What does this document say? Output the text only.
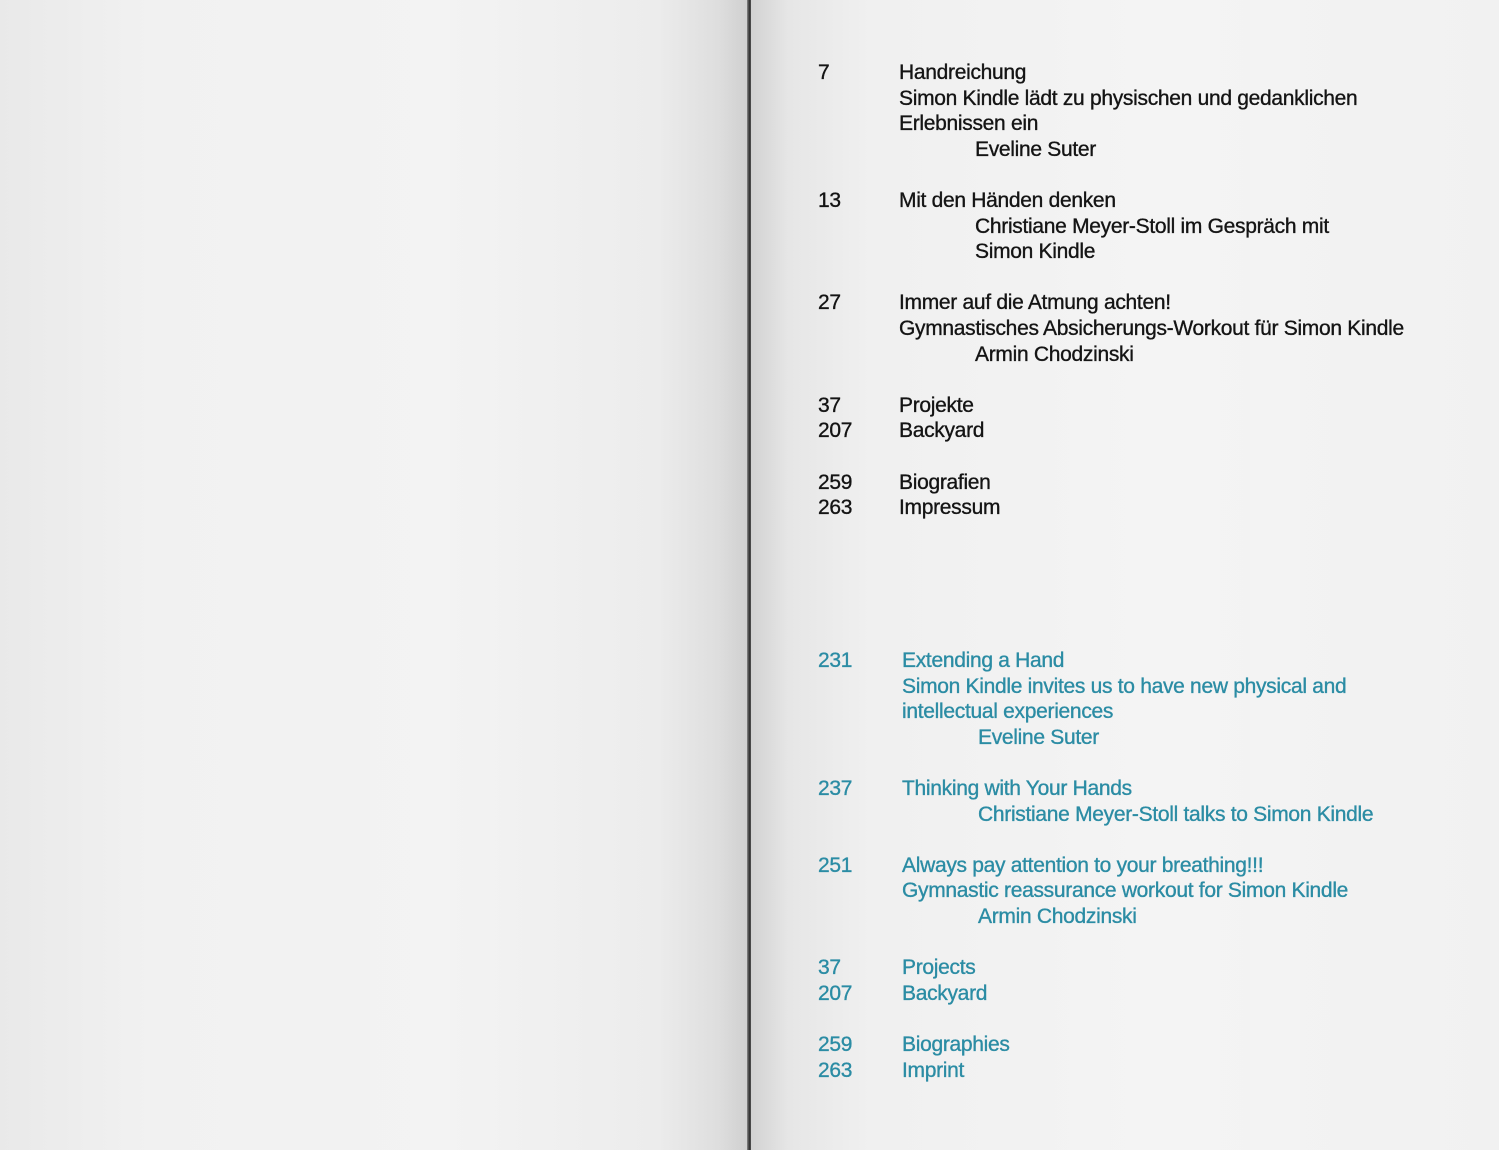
7	Handreichung
Simon Kindle lädt zu physischen und gedanklichen
Erlebnissen ein
Eveline Suter
13	Mit den Händen denken
Christiane Meyer-Stoll im Gespräch mit
Simon Kindle
27	Immer auf die Atmung achten!
Gymnastisches Absicherungs-Workout für Simon Kindle
Armin Chodzinski
37	Projekte
207	Backyard
259	Biografien
263	Impressum
231	Extending a Hand
Simon Kindle invites us to have new physical and
intellectual experiences
Eveline Suter
237	Thinking with Your Hands
Christiane Meyer-Stoll talks to Simon Kindle
251	Always pay attention to your breathing!!!
Gymnastic reassurance workout for Simon Kindle
Armin Chodzinski
37	Projects
207	Backyard
259	Biographies
263	Imprint
